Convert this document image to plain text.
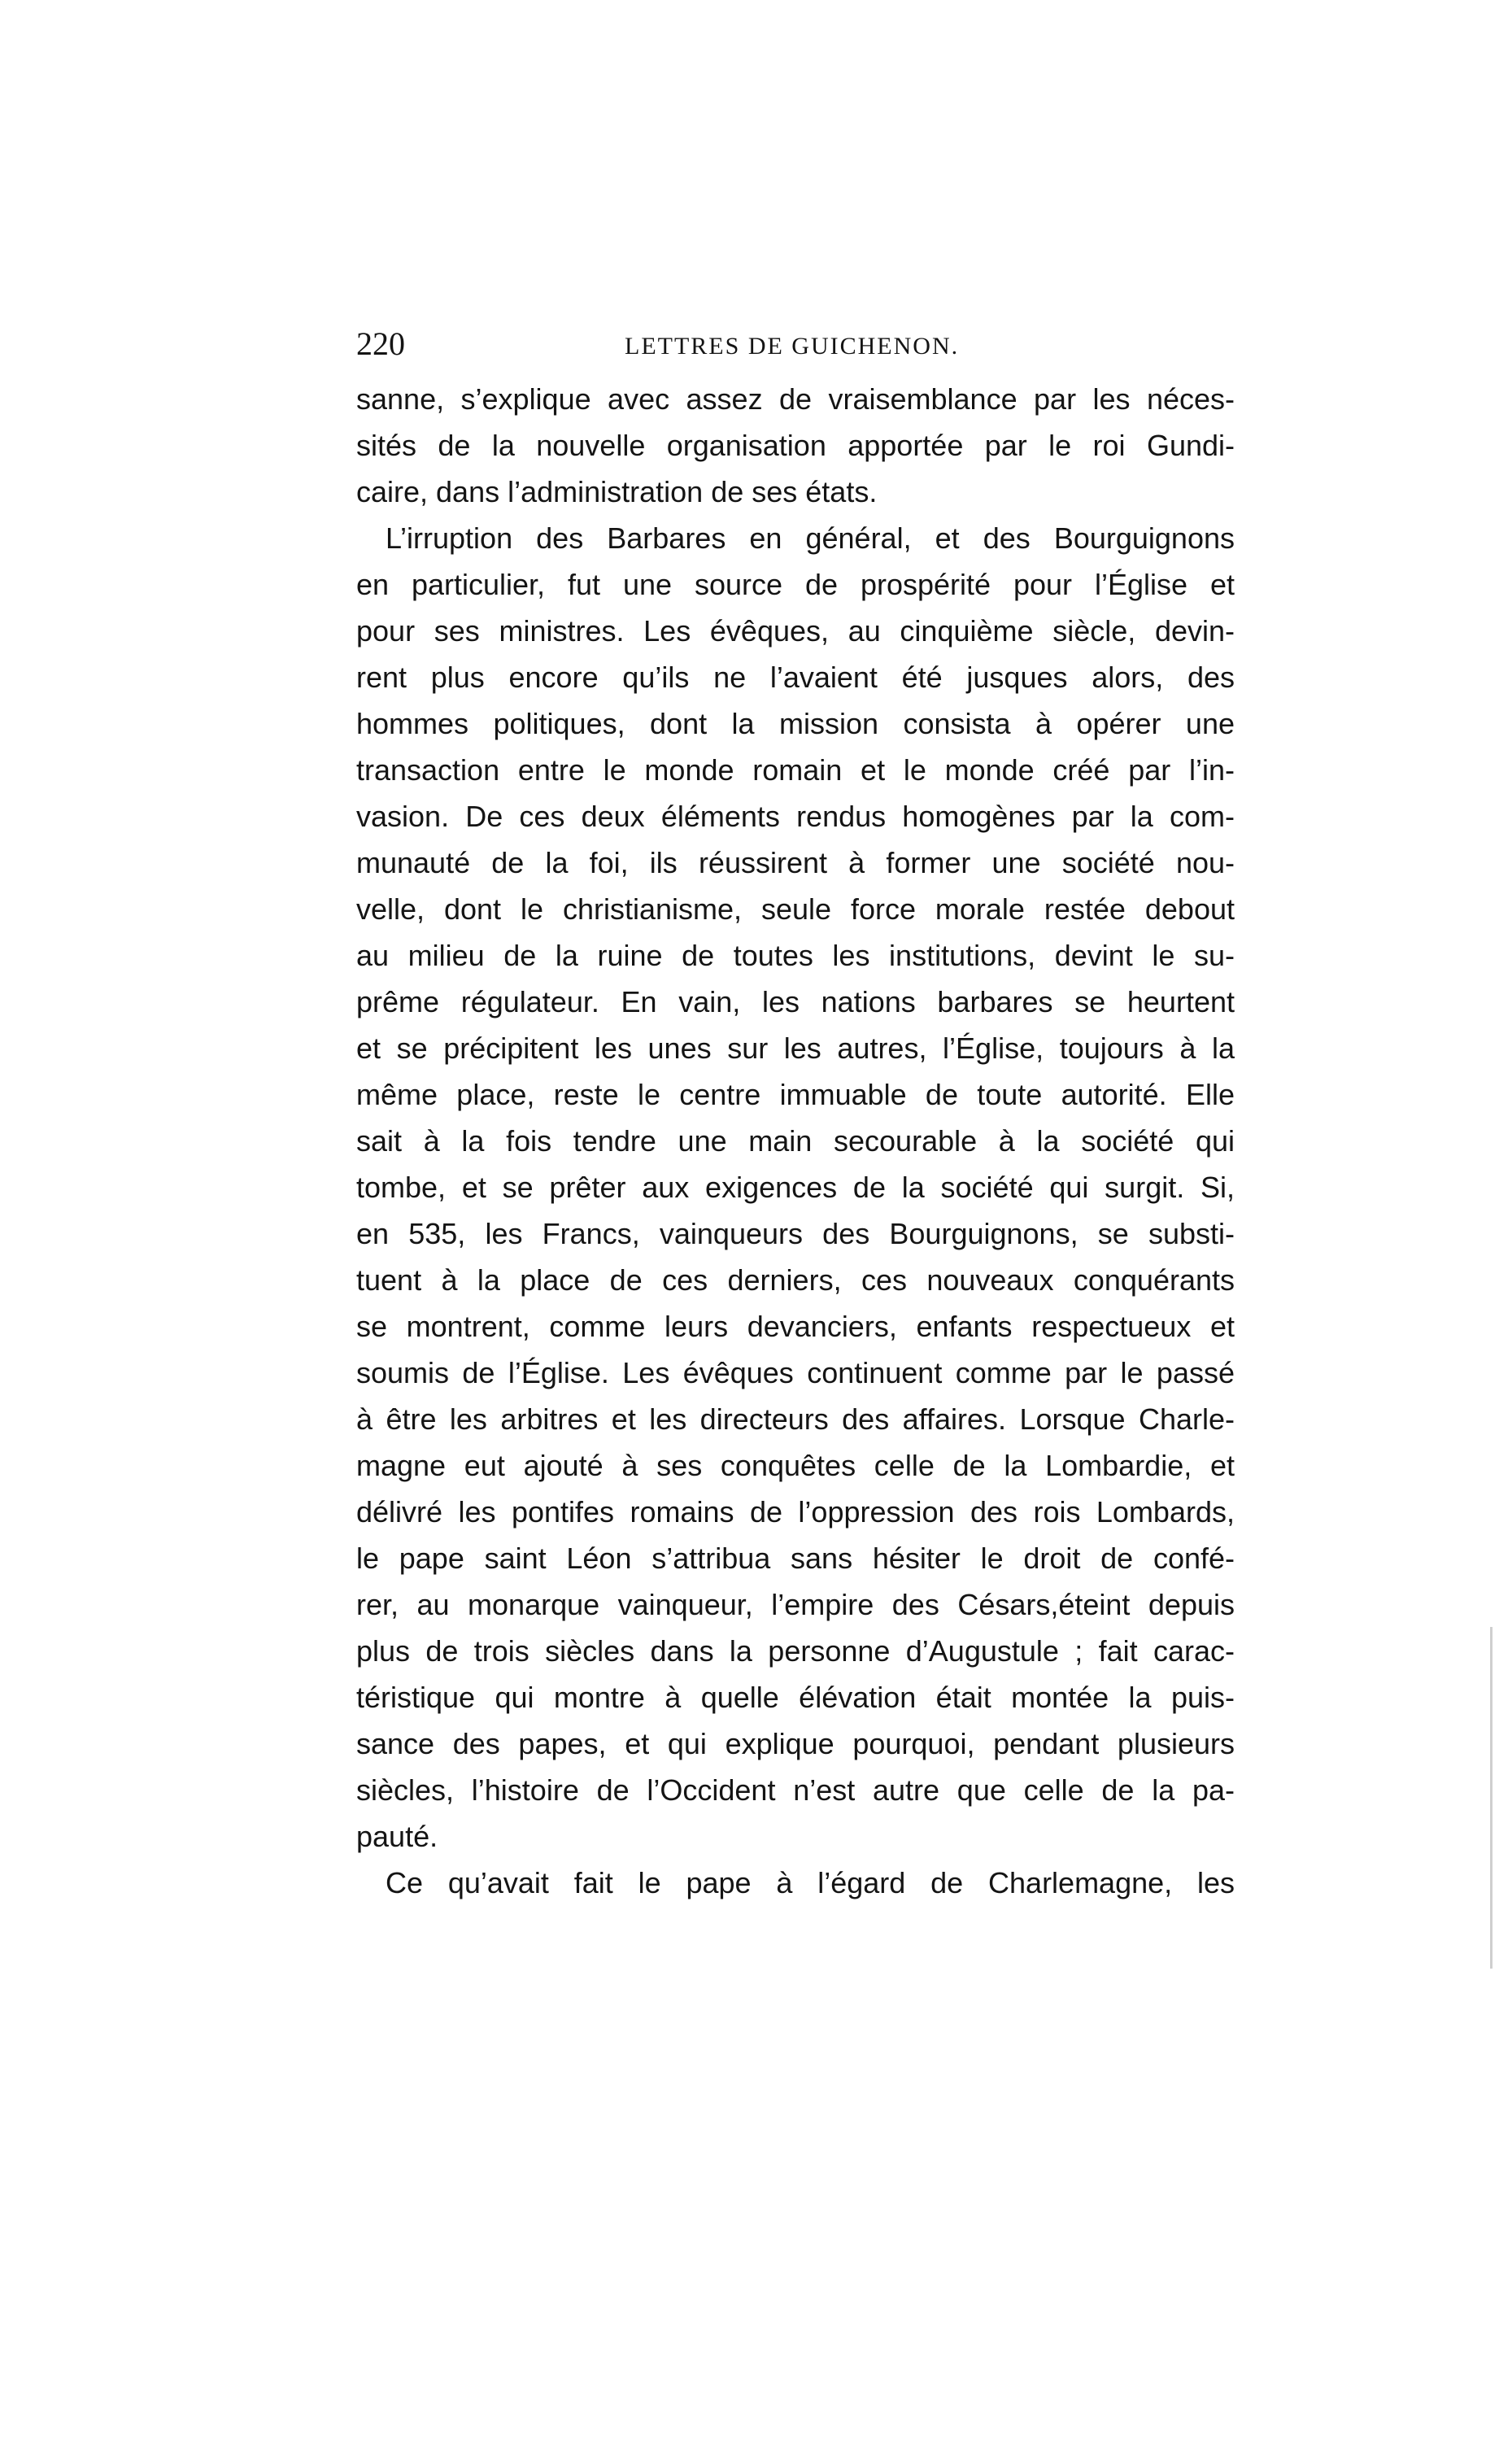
220	LETTRES DE GUICHENON.
sanne, s’explique avec assez de vraisemblance par les néces-
sités de la nouvelle organisation apportée par le roi Gundi-
caire, dans l’administration de ses états.
L’irruption des Barbares en général, et des Bourguignons
en particulier, fut une source de prospérité pour l’Église et
pour ses ministres. Les évêques, au cinquième siècle, devin-
rent plus encore qu’ils ne l’avaient été jusques alors, des
hommes politiques, dont la mission consista à opérer une
transaction entre le monde romain et le monde créé par l’in-
vasion. De ces deux éléments rendus homogènes par la com-
munauté de la foi, ils réussirent à former une société nou-
velle, dont le christianisme, seule force morale restée debout
au milieu de la ruine de toutes les institutions, devint le su-
prême régulateur. En vain, les nations barbares se heurtent
et se précipitent les unes sur les autres, l’Église, toujours à la
même place, reste le centre immuable de toute autorité. Elle
sait à la fois tendre une main secourable à la société qui
tombe, et se prêter aux exigences de la société qui surgit. Si,
en 535, les Francs, vainqueurs des Bourguignons, se substi-
tuent à la place de ces derniers, ces nouveaux conquérants
se montrent, comme leurs devanciers, enfants respectueux et
soumis de l’Église. Les évêques continuent comme par le passé
à être les arbitres et les directeurs des affaires. Lorsque Charle-
magne eut ajouté à ses conquêtes celle de la Lombardie, et
délivré les pontifes romains de l’oppression des rois Lombards,
le pape saint Léon s’attribua sans hésiter le droit de confé-
rer, au monarque vainqueur, l’empire des Césars,éteint depuis
plus de trois siècles dans la personne d’Augustule ; fait carac-
téristique qui montre à quelle élévation était montée la puis-
sance des papes, et qui explique pourquoi, pendant plusieurs
siècles, l’histoire de l’Occident n’est autre que celle de la pa-
pauté.
Ce qu’avait fait le pape à l’égard de Charlemagne, les
